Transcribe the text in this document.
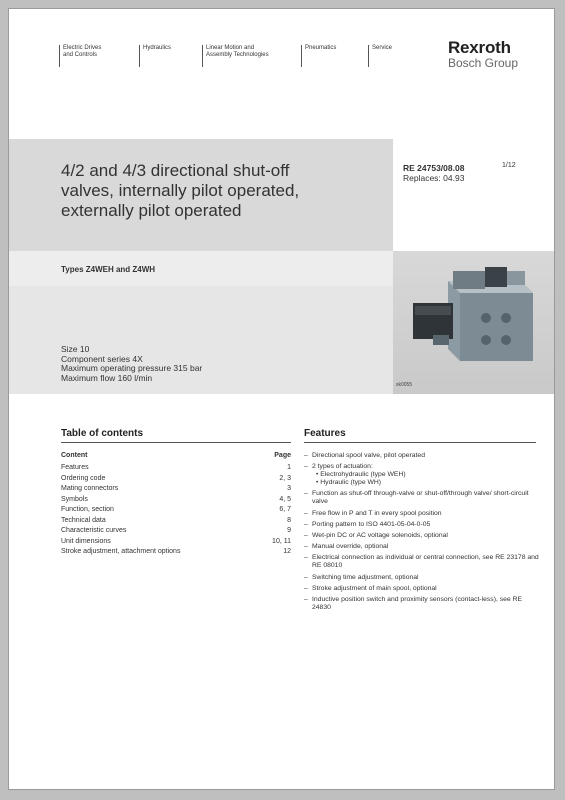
Electric Drives
and Controls
Hydraulics	Linear Motion and
Assembly Technologies
Pneumatics	Service	Rexroth
Bosch Group
4/2 and 4/3 directional shut-off
valves, internally pilot operated,
externally pilot operated
RE 24753/08.08
Replaces: 04.93
1/12
Types Z4WEH and Z4WH
Size 10
Component series 4X
Maximum operating pressure 315 bar
Maximum flow 160 l/min
sk0055
Table of contents
Content	Page
Features	1
Ordering code	2, 3
Mating connectors	3
Symbols	4, 5
Function, section	6, 7
Technical data	8
Characteristic curves	9
Unit dimensions	10, 11
Stroke adjustment, attachment options	12
Features
– Directional spool valve, pilot operated
– 2 types of actuation:
• Electrohydraulic (type WEH)
• Hydraulic (type WH)
– Function as shut-off through-valve or shut-off/through valve/ short-circuit valve
– Free flow in P and T in every spool position
– Porting pattern to ISO 4401-05-04-0-05
– Wet-pin DC or AC voltage solenoids, optional
– Manual override, optional
– Electrical connection as individual or central connection, see RE 23178 and RE 08010
– Switching time adjustment, optional
– Stroke adjustment of main spool, optional
– Inductive position switch and proximity sensors (contact-less), see RE 24830
